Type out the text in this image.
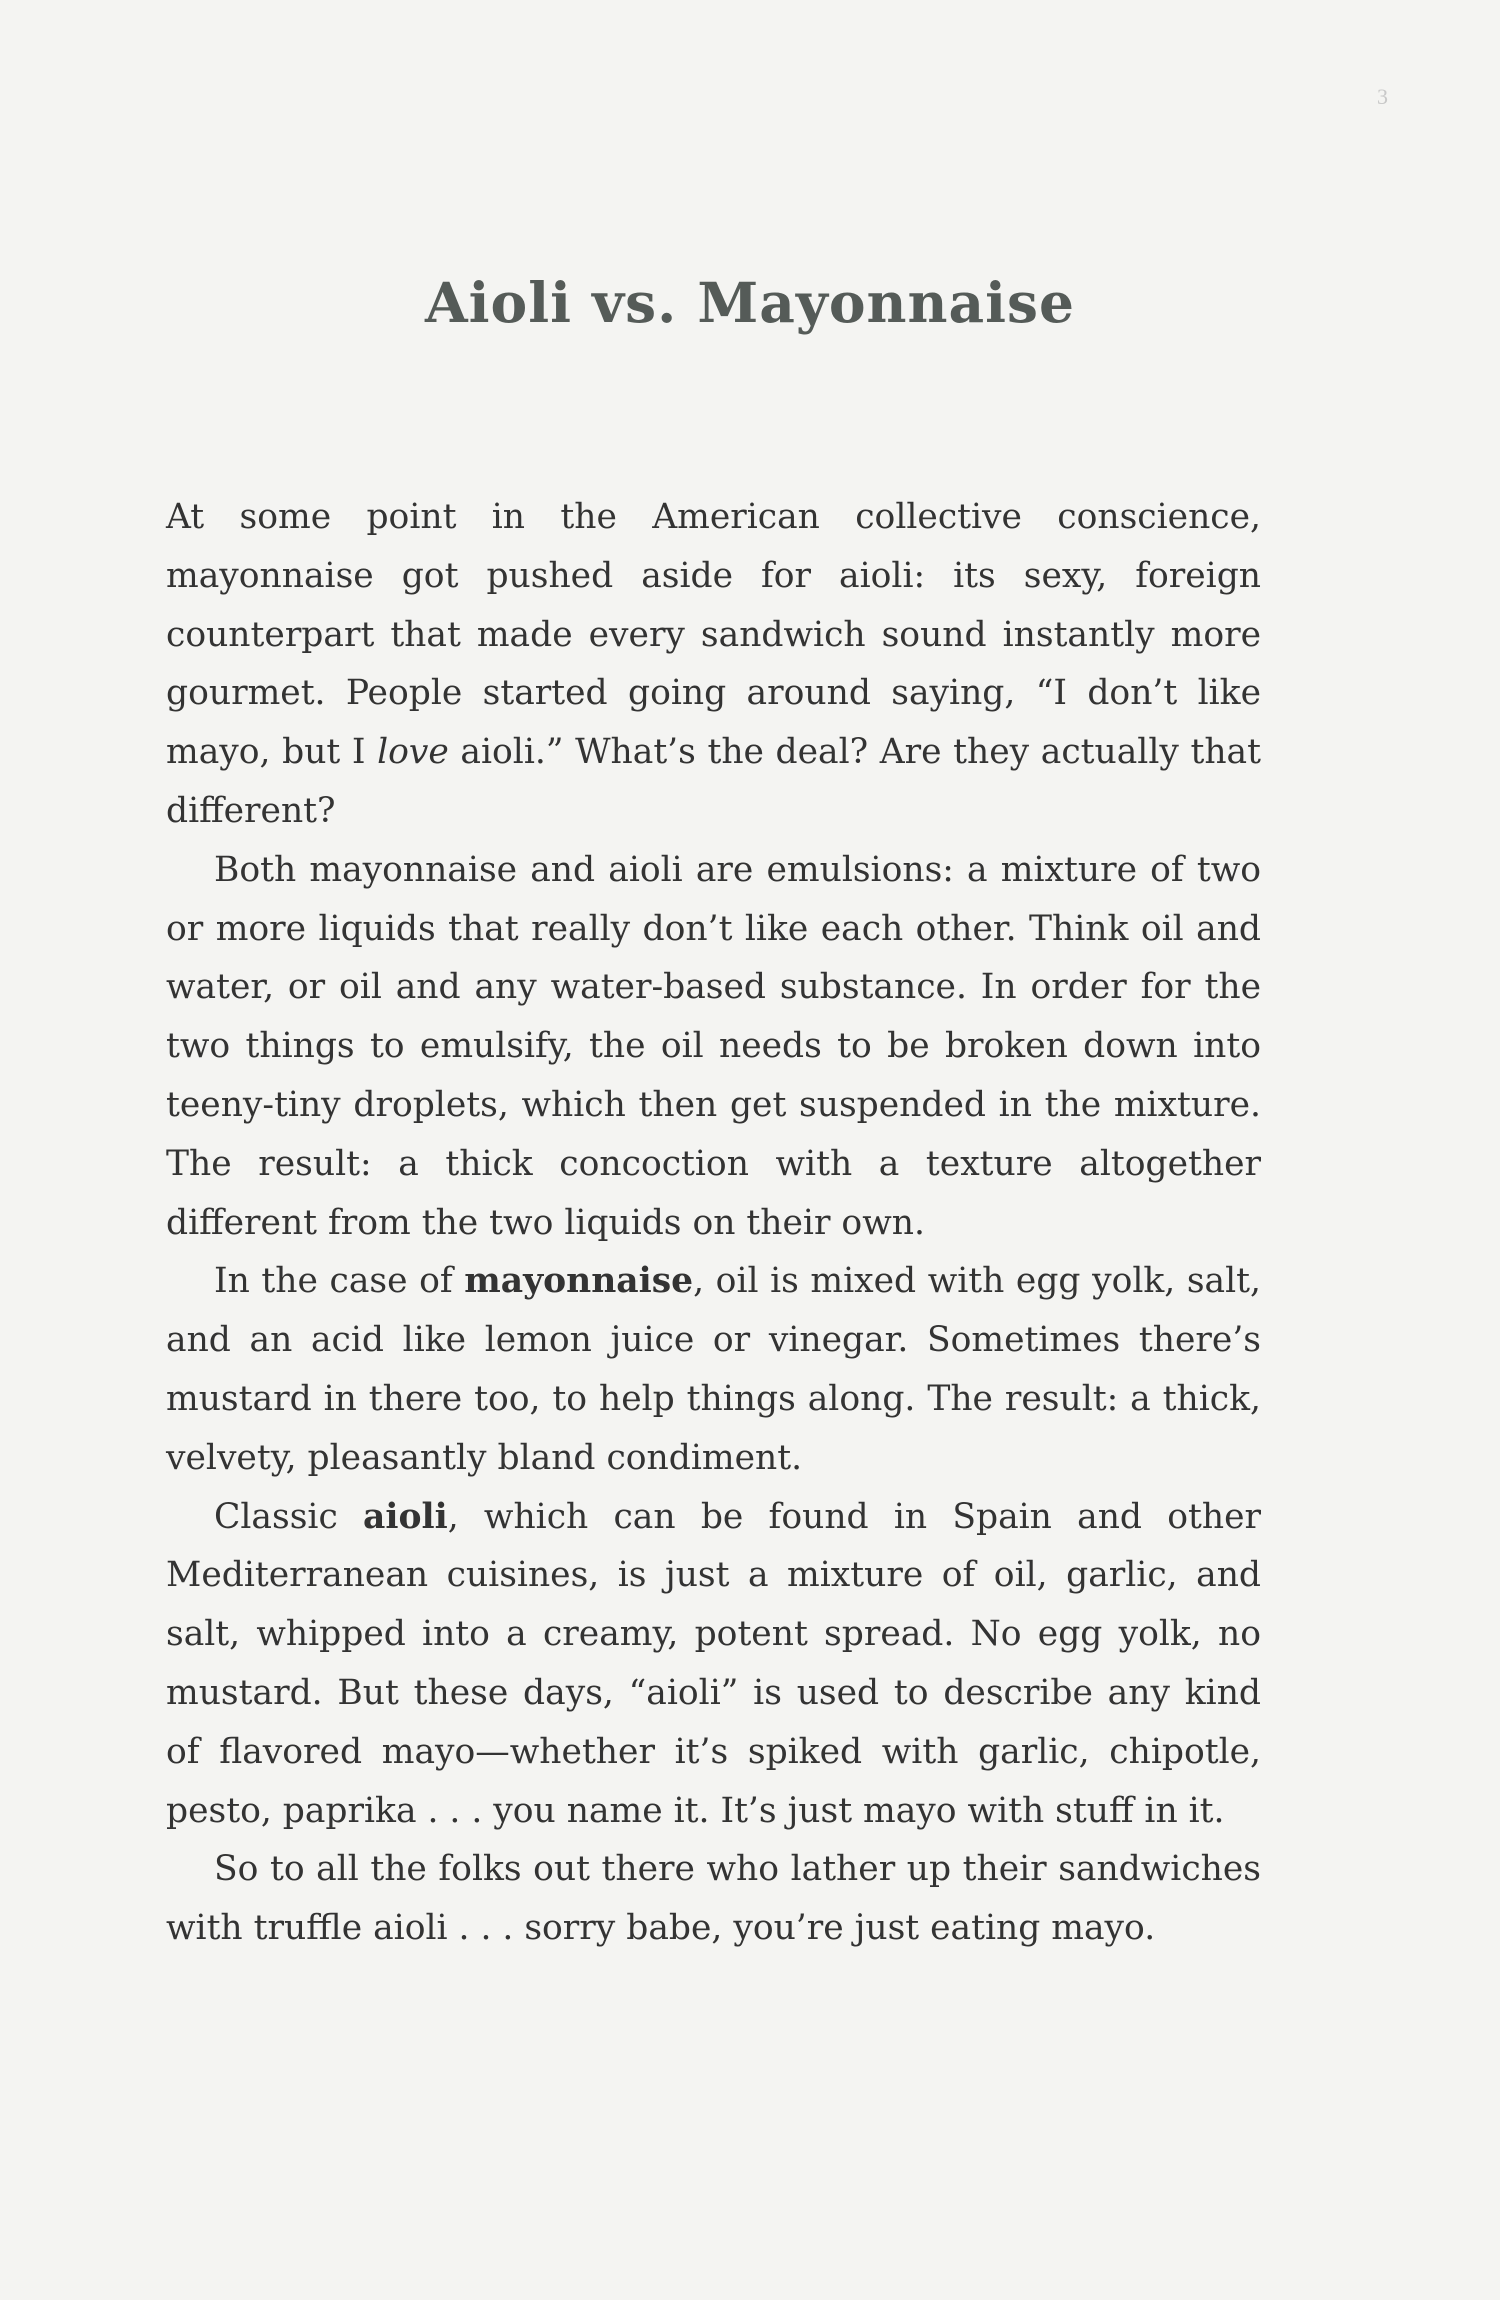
3
Aioli vs. Mayonnaise

At some point in the American collective conscience, mayonnaise got pushed aside for aioli: its sexy, foreign counterpart that made every sandwich sound instantly more gourmet. People started going around saying, “I don’t like mayo, but I love aioli.” What’s the deal? Are they actually that different?

Both mayonnaise and aioli are emulsions: a mixture of two or more liquids that really don’t like each other. Think oil and water, or oil and any water-based substance. In order for the two things to emulsify, the oil needs to be broken down into teeny-tiny droplets, which then get suspended in the mixture. The result: a thick concoction with a texture altogether different from the two liquids on their own.

In the case of mayonnaise, oil is mixed with egg yolk, salt, and an acid like lemon juice or vinegar. Sometimes there’s mustard in there too, to help things along. The result: a thick, velvety, pleasantly bland condiment.

Classic aioli, which can be found in Spain and other Mediterranean cuisines, is just a mixture of oil, garlic, and salt, whipped into a creamy, potent spread. No egg yolk, no mustard. But these days, “aioli” is used to describe any kind of flavored mayo—whether it’s spiked with garlic, chipotle, pesto, paprika . . . you name it. It’s just mayo with stuff in it.

So to all the folks out there who lather up their sandwiches with truffle aioli . . . sorry babe, you’re just eating mayo.
